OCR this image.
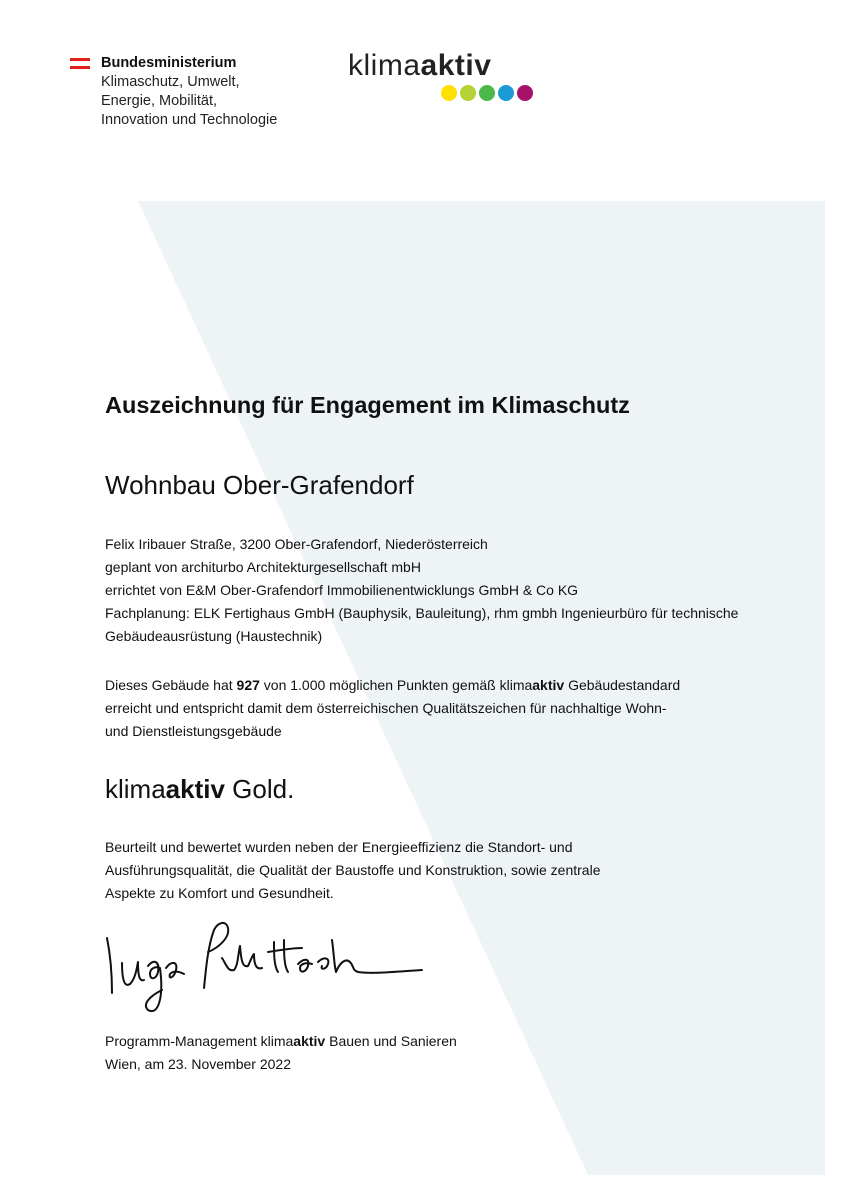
Bundesministerium
Klimaschutz, Umwelt,
Energie, Mobilität,
Innovation und Technologie
klimaaktiv
Auszeichnung für Engagement im Klimaschutz
Wohnbau Ober-Grafendorf
Felix Iribauer Straße, 3200 Ober-Grafendorf, Niederösterreich
geplant von architurbo Architekturgesellschaft mbH
errichtet von E&M Ober-Grafendorf Immobilienentwicklungs GmbH & Co KG
Fachplanung: ELK Fertighaus GmbH (Bauphysik, Bauleitung), rhm gmbh Ingenieurbüro für technische
Gebäudeausrüstung (Haustechnik)
Dieses Gebäude hat 927 von 1.000 möglichen Punkten gemäß klimaaktiv Gebäudestandard
erreicht und entspricht damit dem österreichischen Qualitätszeichen für nachhaltige Wohn-
und Dienstleistungsgebäude
klimaaktiv Gold.
Beurteilt und bewertet wurden neben der Energieeffizienz die Standort- und
Ausführungsqualität, die Qualität der Baustoffe und Konstruktion, sowie zentrale
Aspekte zu Komfort und Gesundheit.
Programm-Management klimaaktiv Bauen und Sanieren
Wien, am 23. November 2022
